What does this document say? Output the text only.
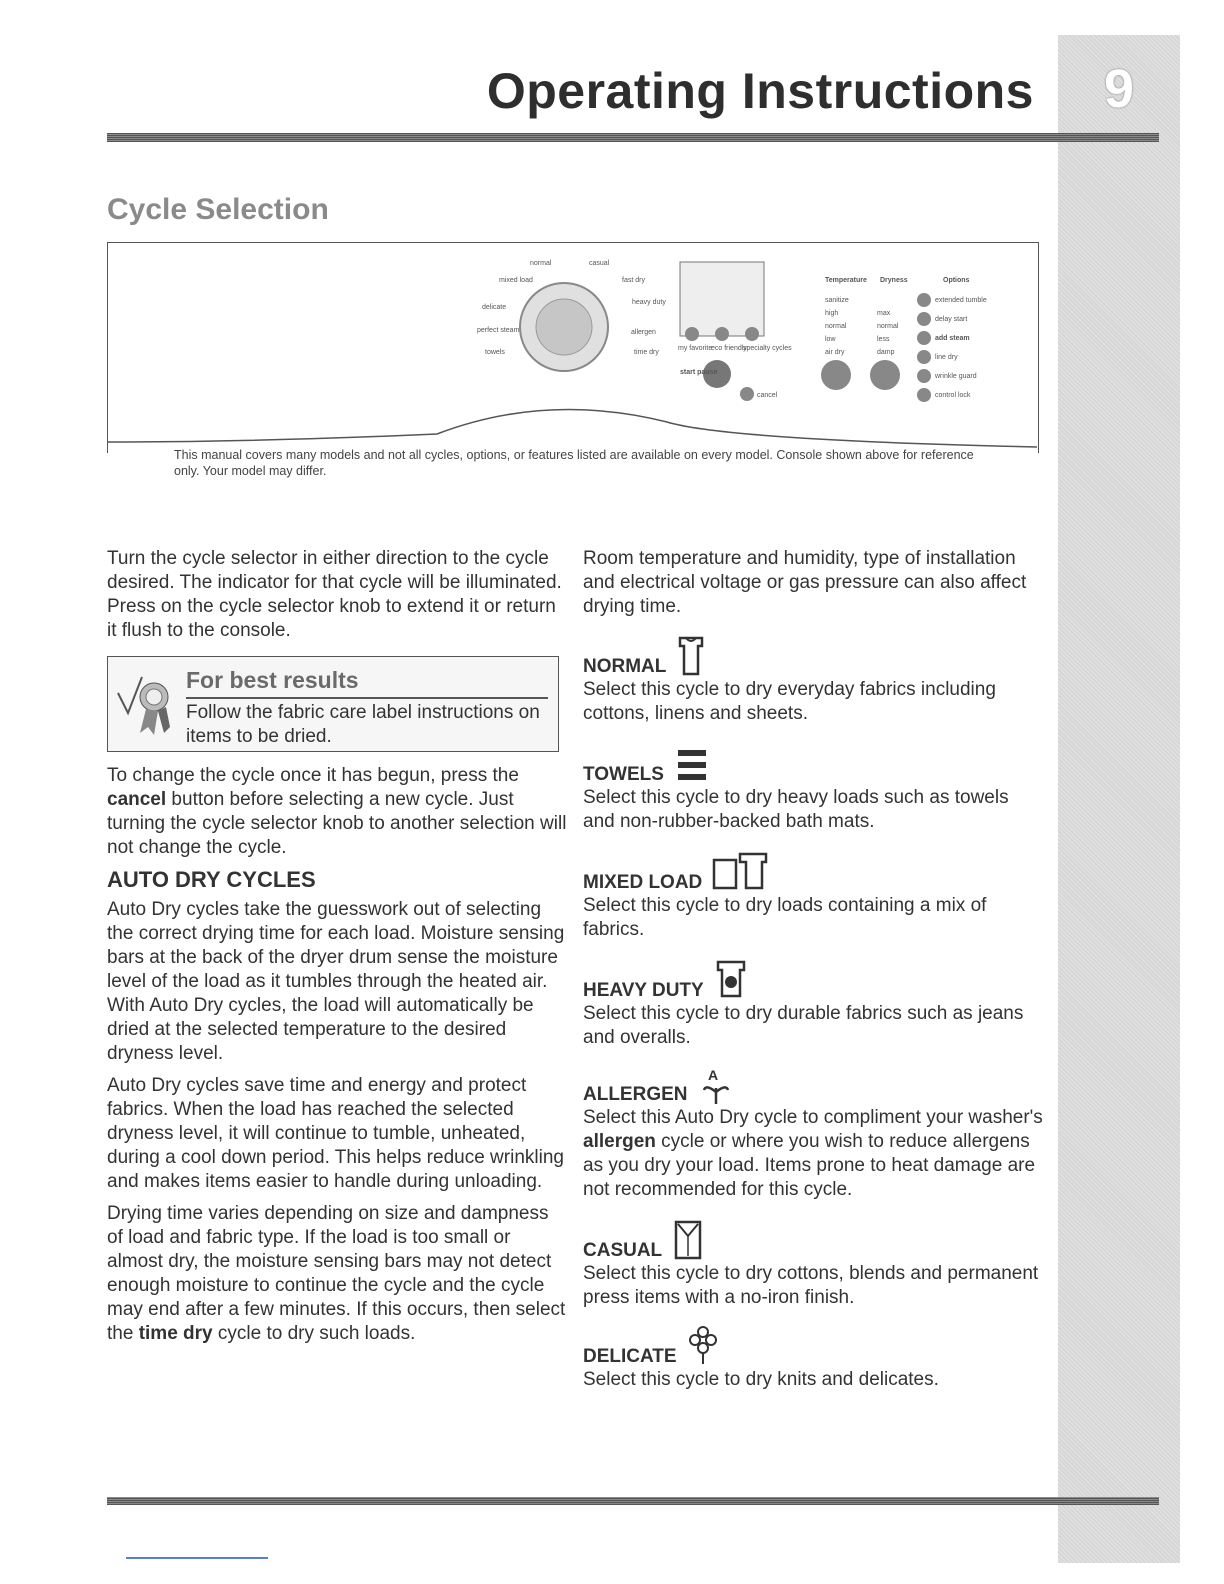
9
Operating Instructions
Cycle Selection
normal	casual
mixed load	fast dry
heavy duty
delicate
perfect steam	allergen
towels	time dry
Temperature Dryness	Options
sanitize
high
normal
low
air dry
max
normal
less
damp
extended tumble
delay start
add steam
line dry
wrinkle guard
control lock
my favorite
eco friendly
specialty cycles
start pause
cancel
This manual covers many models and not all cycles, options, or features listed are available on every model. Console shown above for reference only. Your model may differ.

Turn the cycle selector in either direction to the cycle desired. The indicator for that cycle will be illuminated. Press on the cycle selector knob to extend it or return it flush to the console.

For best results
Follow the fabric care label instructions on items to be dried.

To change the cycle once it has begun, press the cancel button before selecting a new cycle. Just turning the cycle selector knob to another selection will not change the cycle.

AUTO DRY CYCLES

Auto Dry cycles take the guesswork out of selecting the correct drying time for each load. Moisture sensing bars at the back of the dryer drum sense the moisture level of the load as it tumbles through the heated air. With Auto Dry cycles, the load will automatically be dried at the selected temperature to the desired dryness level.

Auto Dry cycles save time and energy and protect fabrics. When the load has reached the selected dryness level, it will continue to tumble, unheated, during a cool down period. This helps reduce wrinkling and makes items easier to handle during unloading.

Drying time varies depending on size and dampness of load and fabric type. If the load is too small or almost dry, the moisture sensing bars may not detect enough moisture to continue the cycle and the cycle may end after a few minutes. If this occurs, then select the time dry cycle to dry such loads.

Room temperature and humidity, type of installation and electrical voltage or gas pressure can also affect drying time.

NORMAL
Select this cycle to dry everyday fabrics including cottons, linens and sheets.
TOWELS
Select this cycle to dry heavy loads such as towels and non-rubber-backed bath mats.
MIXED LOAD
Select this cycle to dry loads containing a mix of fabrics.
HEAVY DUTY
Select this cycle to dry durable fabrics such as jeans and overalls.
ALLERGEN
A
Select this Auto Dry cycle to compliment your washer's allergen cycle or where you wish to reduce allergens as you dry your load. Items prone to heat damage are not recommended for this cycle.
CASUAL
Select this cycle to dry cottons, blends and permanent press items with a no-iron finish.
DELICATE
Select this cycle to dry knits and delicates.
